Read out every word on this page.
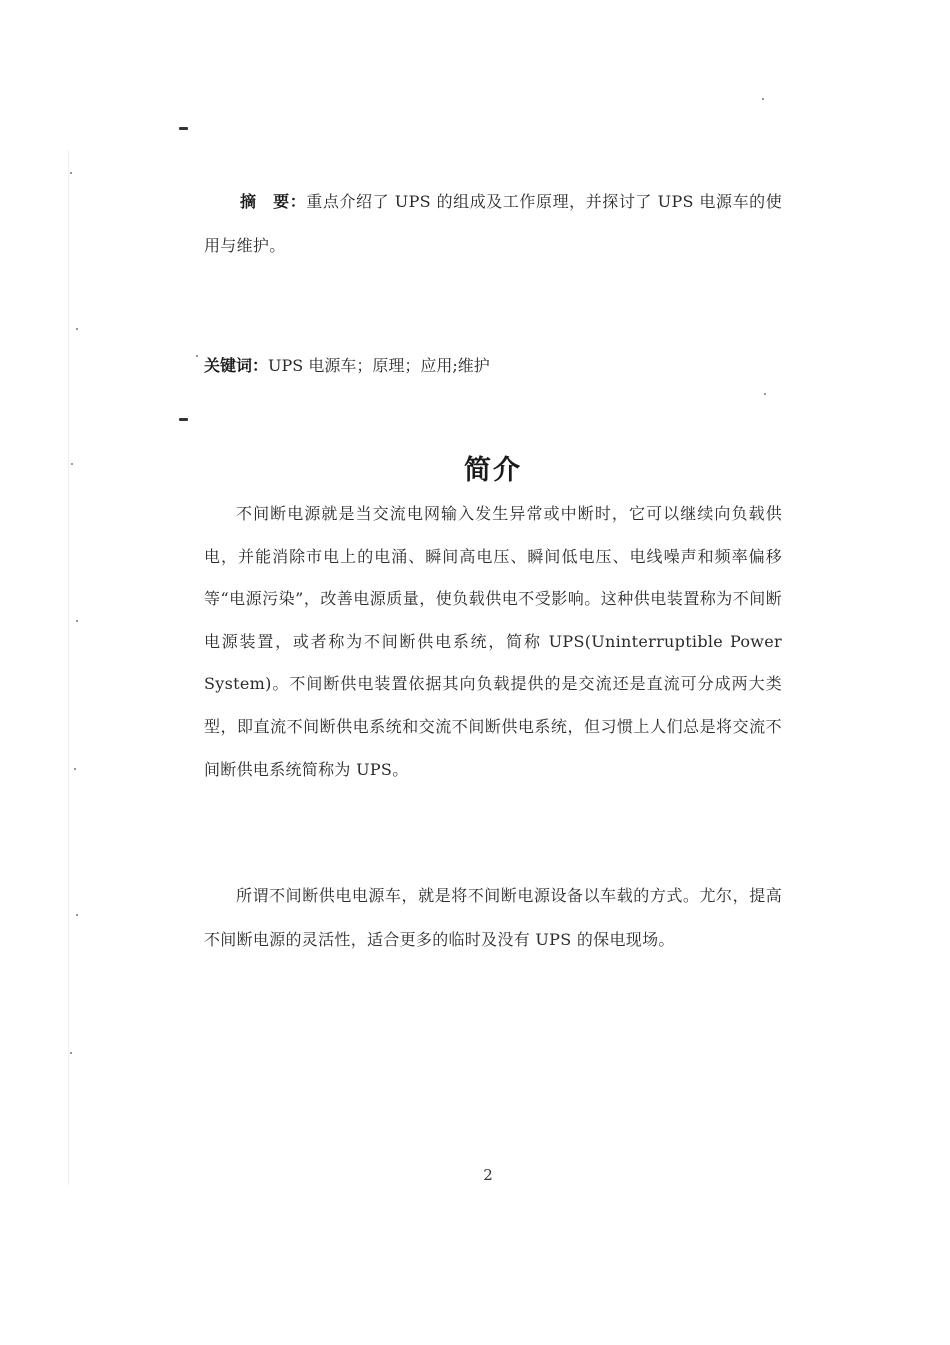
摘　要：重点介绍了 UPS 的组成及工作原理，并探讨了 UPS 电源车的使用与维护。
关键词：UPS 电源车；原理；应用;维护
简介
不间断电源就是当交流电网输入发生异常或中断时，它可以继续向负载供电，并能消除市电上的电涌、瞬间高电压、瞬间低电压、电线噪声和频率偏移等“电源污染”，改善电源质量，使负载供电不受影响。这种供电装置称为不间断电源装置，或者称为不间断供电系统，简称 UPS(Uninterruptible Power System)。不间断供电装置依据其向负载提供的是交流还是直流可分成两大类型，即直流不间断供电系统和交流不间断供电系统，但习惯上人们总是将交流不间断供电系统简称为 UPS。
所谓不间断供电电源车，就是将不间断电源设备以车载的方式。尤尔，提高不间断电源的灵活性，适合更多的临时及没有 UPS 的保电现场。
2
